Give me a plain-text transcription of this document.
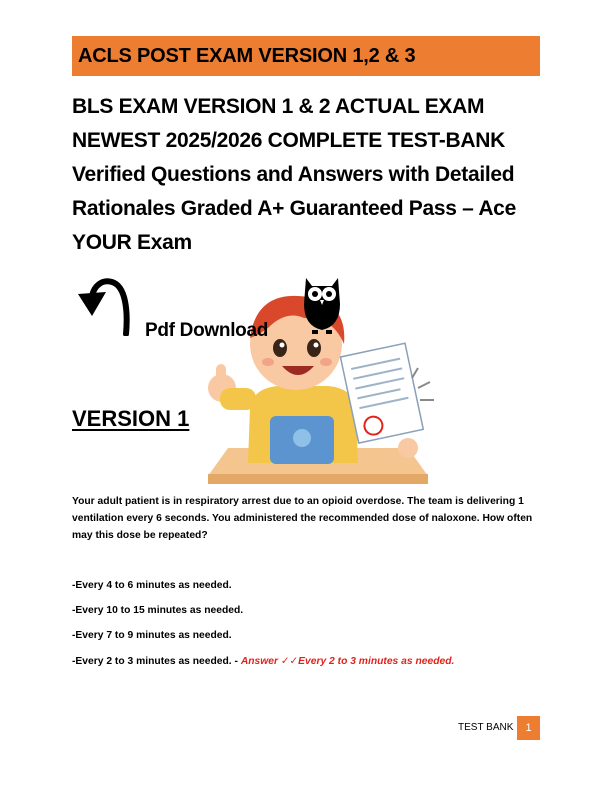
ACLS POST EXAM VERSION 1,2 & 3

BLS EXAM VERSION 1 & 2 ACTUAL EXAM NEWEST 2025/2026 COMPLETE TEST-BANK Verified Questions and Answers with Detailed Rationales Graded A+ Guaranteed Pass – Ace YOUR Exam

Pdf Download
VERSION 1

Your adult patient is in respiratory arrest due to an opioid overdose. The team is delivering 1 ventilation every 6 seconds. You administered the recommended dose of naloxone. How often may this dose be repeated?

-Every 4 to 6 minutes as needed.

-Every 10 to 15 minutes as needed.

-Every 7 to 9 minutes as needed.

-Every 2 to 3 minutes as needed. - Answer ✓✓Every 2 to 3 minutes as needed.

TEST BANK	1
